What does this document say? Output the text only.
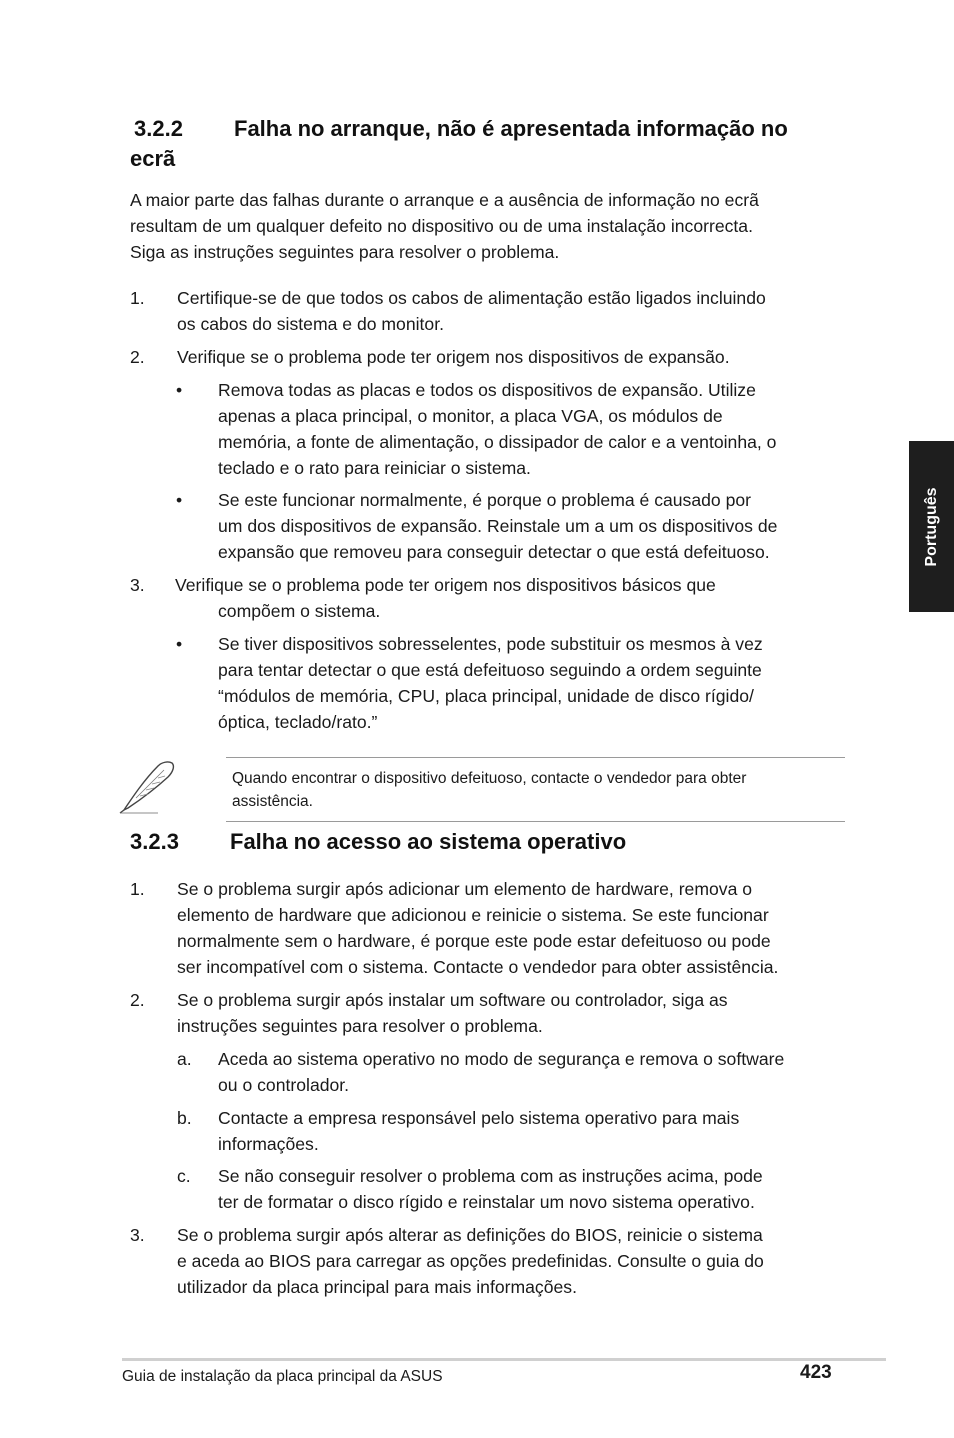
3.2.2 Falha no arranque, não é apresentada informação no
ecrã
A maior parte das falhas durante o arranque e a ausência de informação no ecrã
resultam de um qualquer defeito no dispositivo ou de uma instalação incorrecta.
Siga as instruções seguintes para resolver o problema.
1. Certifique-se de que todos os cabos de alimentação estão ligados incluindo
os cabos do sistema e do monitor.
2. Verifique se o problema pode ter origem nos dispositivos de expansão.
• Remova todas as placas e todos os dispositivos de expansão. Utilize
apenas a placa principal, o monitor, a placa VGA, os módulos de
memória, a fonte de alimentação, o dissipador de calor e a ventoinha, o
teclado e o rato para reiniciar o sistema.
• Se este funcionar normalmente, é porque o problema é causado por
um dos dispositivos de expansão. Reinstale um a um os dispositivos de
expansão que removeu para conseguir detectar o que está defeituoso.
3. Verifique se o problema pode ter origem nos dispositivos básicos que
compõem o sistema.
• Se tiver dispositivos sobresselentes, pode substituir os mesmos à vez
para tentar detectar o que está defeituoso seguindo a ordem seguinte
“módulos de memória, CPU, placa principal, unidade de disco rígido/
óptica, teclado/rato.”
Quando encontrar o dispositivo defeituoso, contacte o vendedor para obter
assistência.
3.2.3 Falha no acesso ao sistema operativo
1. Se o problema surgir após adicionar um elemento de hardware, remova o
elemento de hardware que adicionou e reinicie o sistema. Se este funcionar
normalmente sem o hardware, é porque este pode estar defeituoso ou pode
ser incompatível com o sistema. Contacte o vendedor para obter assistência.
2. Se o problema surgir após instalar um software ou controlador, siga as
instruções seguintes para resolver o problema.
a. Aceda ao sistema operativo no modo de segurança e remova o software
ou o controlador.
b. Contacte a empresa responsável pelo sistema operativo para mais
informações.
c. Se não conseguir resolver o problema com as instruções acima, pode
ter de formatar o disco rígido e reinstalar um novo sistema operativo.
3. Se o problema surgir após alterar as definições do BIOS, reinicie o sistema
e aceda ao BIOS para carregar as opções predefinidas. Consulte o guia do
utilizador da placa principal para mais informações.
Português
Guia de instalação da placa principal da ASUS	423
